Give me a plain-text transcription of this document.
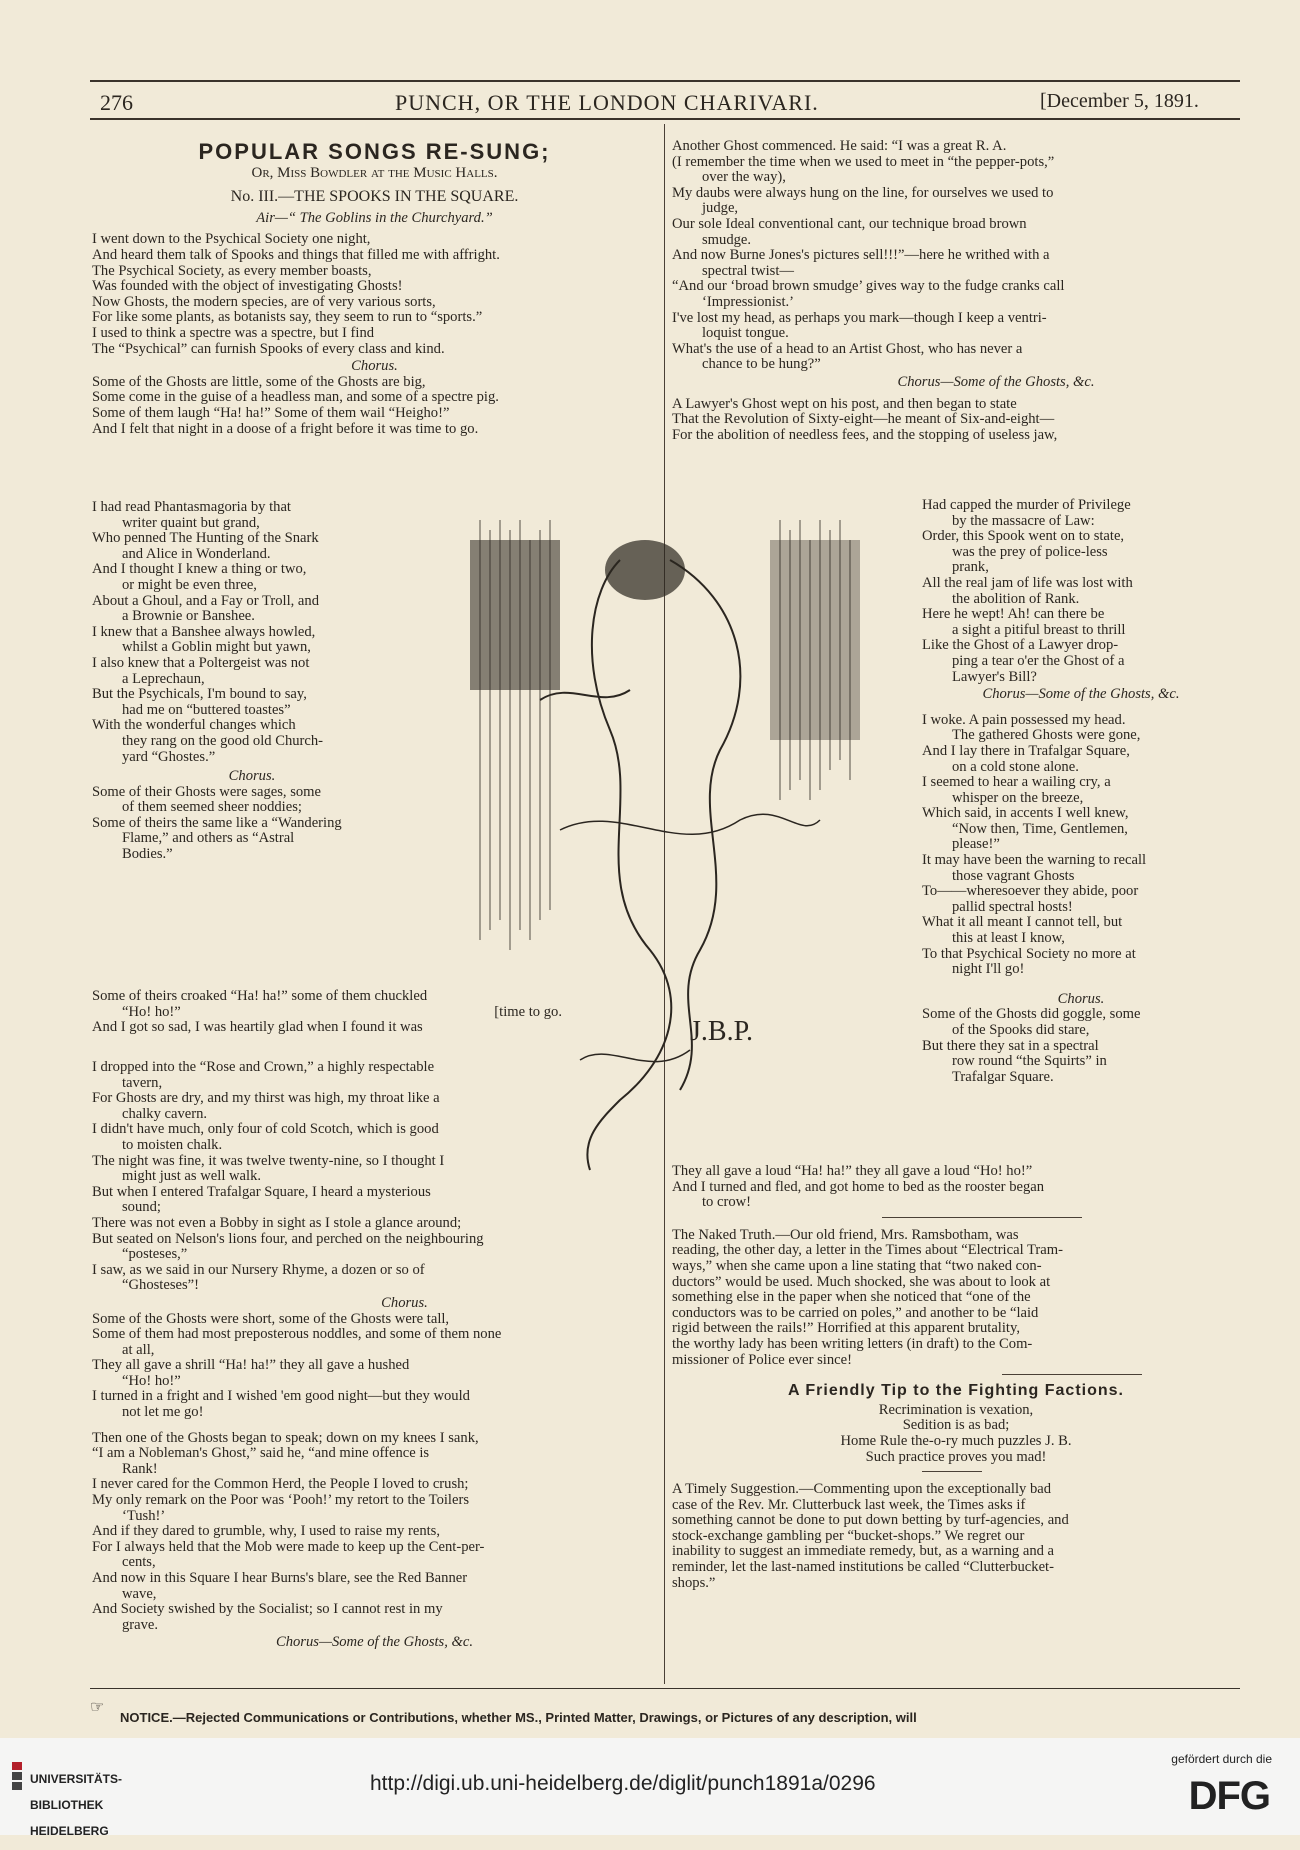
276	PUNCH, OR THE LONDON CHARIVARI.	[December 5, 1891.
POPULAR SONGS RE-SUNG;
Or, Miss Bowdler at the Music Halls.
No. III.—THE SPOOKS IN THE SQUARE.
Air—“ The Goblins in the Churchyard.”

I went down to the Psychical Society one night,

And heard them talk of Spooks and things that filled me with affright.

The Psychical Society, as every member boasts,

Was founded with the object of investigating Ghosts!

Now Ghosts, the modern species, are of very various sorts,

For like some plants, as botanists say, they seem to run to “sports.”

I used to think a spectre was a spectre, but I find

The “Psychical” can furnish Spooks of every class and kind.

Chorus.

Some of the Ghosts are little, some of the Ghosts are big,

Some come in the guise of a headless man, and some of a spectre pig.

Some of them laugh “Ha! ha!” Some of them wail “Heigho!”

And I felt that night in a doose of a fright before it was time to go.

I had read Phantasmagoria by that

writer quaint but grand,

Who penned The Hunting of the Snark

and Alice in Wonderland.

And I thought I knew a thing or two,

or might be even three,

About a Ghoul, and a Fay or Troll, and

a Brownie or Banshee.

I knew that a Banshee always howled,

whilst a Goblin might but yawn,

I also knew that a Poltergeist was not

a Leprechaun,

But the Psychicals, I'm bound to say,

had me on “buttered toastes”

With the wonderful changes which

they rang on the good old Church-

yard “Ghostes.”

Chorus.

Some of their Ghosts were sages, some

of them seemed sheer noddies;

Some of theirs the same like a “Wandering

Flame,” and others as “Astral

Bodies.”

Some of theirs croaked “Ha! ha!” some of them chuckled

“Ho! ho!”	[time to go.

And I got so sad, I was heartily glad when I found it was

I dropped into the “Rose and Crown,” a highly respectable

tavern,

For Ghosts are dry, and my thirst was high, my throat like a

chalky cavern.

I didn't have much, only four of cold Scotch, which is good

to moisten chalk.

The night was fine, it was twelve twenty-nine, so I thought I

might just as well walk.

But when I entered Trafalgar Square, I heard a mysterious

sound;

There was not even a Bobby in sight as I stole a glance around;

But seated on Nelson's lions four, and perched on the neighbouring

“posteses,”

I saw, as we said in our Nursery Rhyme, a dozen or so of

“Ghosteses”!

Chorus.

Some of the Ghosts were short, some of the Ghosts were tall,

Some of them had most preposterous noddles, and some of them none

at all,

They all gave a shrill “Ha! ha!” they all gave a hushed

“Ho! ho!”

I turned in a fright and I wished 'em good night—but they would

not let me go!

Then one of the Ghosts began to speak; down on my knees I sank,

“I am a Nobleman's Ghost,” said he, “and mine offence is

Rank!

I never cared for the Common Herd, the People I loved to crush;

My only remark on the Poor was ‘Pooh!’ my retort to the Toilers

‘Tush!’

And if they dared to grumble, why, I used to raise my rents,

For I always held that the Mob were made to keep up the Cent-per-

cents,

And now in this Square I hear Burns's blare, see the Red Banner

wave,

And Society swished by the Socialist; so I cannot rest in my

grave.

Chorus—Some of the Ghosts, &c.
J.B.P.

Another Ghost commenced. He said: “I was a great R. A.

(I remember the time when we used to meet in “the pepper-pots,”

over the way),

My daubs were always hung on the line, for ourselves we used to

judge,

Our sole Ideal conventional cant, our technique broad brown

smudge.

And now Burne Jones's pictures sell!!!”—here he writhed with a

spectral twist—

“And our ‘broad brown smudge’ gives way to the fudge cranks call

‘Impressionist.’

I've lost my head, as perhaps you mark—though I keep a ventri-

loquist tongue.

What's the use of a head to an Artist Ghost, who has never a

chance to be hung?”

Chorus—Some of the Ghosts, &c.

A Lawyer's Ghost wept on his post, and then began to state

That the Revolution of Sixty-eight—he meant of Six-and-eight—

For the abolition of needless fees, and the stopping of useless jaw,

Had capped the murder of Privilege

by the massacre of Law:

Order, this Spook went on to state,

was the prey of police-less

prank,

All the real jam of life was lost with

the abolition of Rank.

Here he wept! Ah! can there be

a sight a pitiful breast to thrill

Like the Ghost of a Lawyer drop-

ping a tear o'er the Ghost of a

Lawyer's Bill?

Chorus—Some of the Ghosts, &c.

I woke. A pain possessed my head.

The gathered Ghosts were gone,

And I lay there in Trafalgar Square,

on a cold stone alone.

I seemed to hear a wailing cry, a

whisper on the breeze,

Which said, in accents I well knew,

“Now then, Time, Gentlemen,

please!”

It may have been the warning to recall

those vagrant Ghosts

To——wheresoever they abide, poor

pallid spectral hosts!

What it all meant I cannot tell, but

this at least I know,

To that Psychical Society no more at

night I'll go!

Chorus.

Some of the Ghosts did goggle, some

of the Spooks did stare,

But there they sat in a spectral

row round “the Squirts” in

Trafalgar Square.

They all gave a loud “Ha! ha!” they all gave a loud “Ho! ho!”

And I turned and fled, and got home to bed as the rooster began

to crow!

The Naked Truth.—Our old friend, Mrs. Ramsbotham, was

reading, the other day, a letter in the Times about “Electrical Tram-

ways,” when she came upon a line stating that “two naked con-

ductors” would be used. Much shocked, she was about to look at

something else in the paper when she noticed that “one of the

conductors was to be carried on poles,” and another to be “laid

rigid between the rails!” Horrified at this apparent brutality,

the worthy lady has been writing letters (in draft) to the Com-

missioner of Police ever since!

A Friendly Tip to the Fighting Factions.

Recrimination is vexation,

Sedition is as bad;

Home Rule the-o-ry much puzzles J. B.

Such practice proves you mad!

A Timely Suggestion.—Commenting upon the exceptionally bad

case of the Rev. Mr. Clutterbuck last week, the Times asks if

something cannot be done to put down betting by turf-agencies, and

stock-exchange gambling per “bucket-shops.” We regret our

inability to suggest an immediate remedy, but, as a warning and a

reminder, let the last-named institutions be called “Clutterbucket-

shops.”

NOTICE.—Rejected Communications or Contributions, whether MS., Printed Matter, Drawings, or Pictures of any description, will

☞

UNIVERSITÄTS-

BIBLIOTHEK

HEIDELBERG

http://digi.ub.uni-heidelberg.de/diglit/punch1891a/0296
gefördert durch die
DFG
